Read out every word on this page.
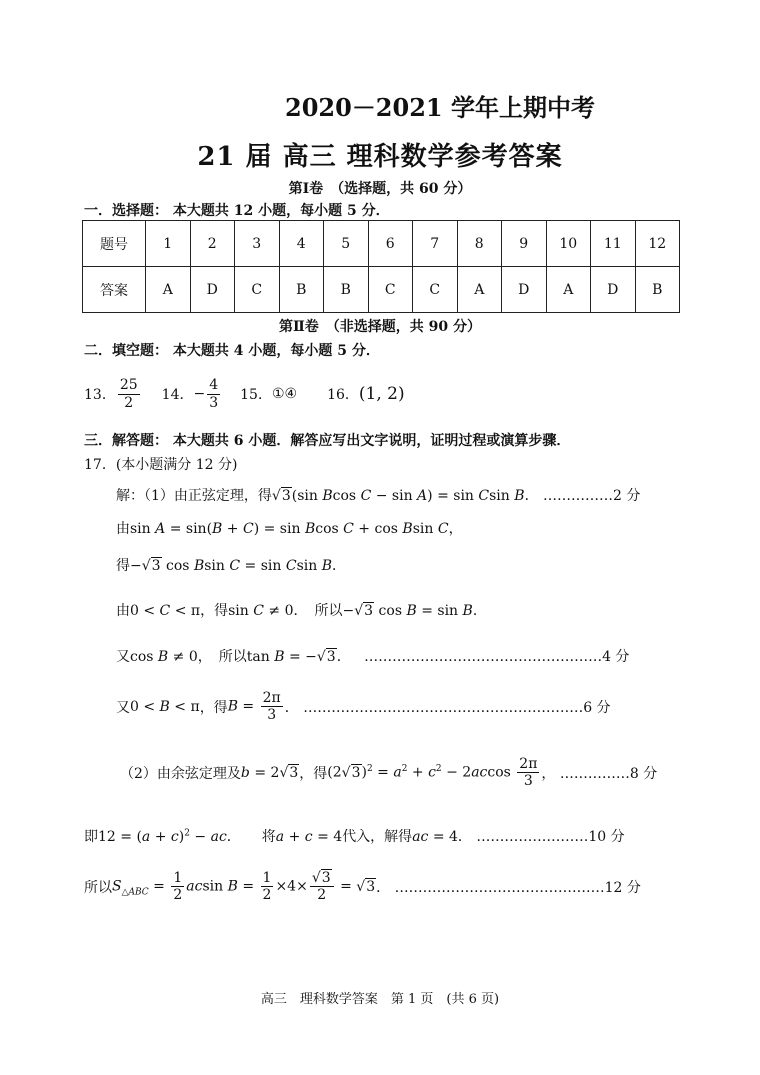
2020－2021 学年上期中考
21 届 高三 理科数学参考答案
第Ⅰ卷　（选择题，共 60 分）
一．选择题： 本大题共 12 小题，每小题 5 分．
题号	1	2	3	4	5	6	7	8	9	10	11	12
答案	A	D	C	B	B	C	C	A	D	A	D	B
第Ⅱ卷　（非选择题，共 90 分）
二．填空题： 本大题共 4 小题，每小题 5 分．
13． $\frac{25}{2} 14$． − $\frac{4}{3} 15$． ①④ 16． (1, 2)
三．解答题： 本大题共 6 小题．解答应写出文字说明，证明过程或演算步骤．
17．(本小题满分 12 分)
解：（1）由正弦定理，得√3(sin Bcos C − sin A) = sin Csin B． ……………2 分
由sin A = sin(B + C) = sin Bcos C + cos Bsin C，
得−√3 cos Bsin C = sin Csin B．
由0 < C < π，得sin C ≠ 0．　所以−√3 cos B = sin B．
又cos B ≠ 0，　所以tan B = −√3．   ……………………………………………4 分
又 0 < B < π ，得 $B = \frac{2\pi}{3}$ ． ……………………………………………………6 分
（2）由余弦定理及 b = 2√3 ，得 $(2√3)^2 = a^2 + c^2 - 2accos \frac{2\pi}{3}$ ， ……………8 分
即$12 = (a + c)^2$ − ac．　　将a + c = 4代入，解得ac = 4． ……………………10 分
所以 $S_{\triangle ABC} = \frac{1}{2}$ acsin $B = \frac{1}{2} \times 4\times \frac{√3}{2} = √3$ ． ………………………………………12 分
高三　理科数学答案　第 1 页　(共 6 页)
